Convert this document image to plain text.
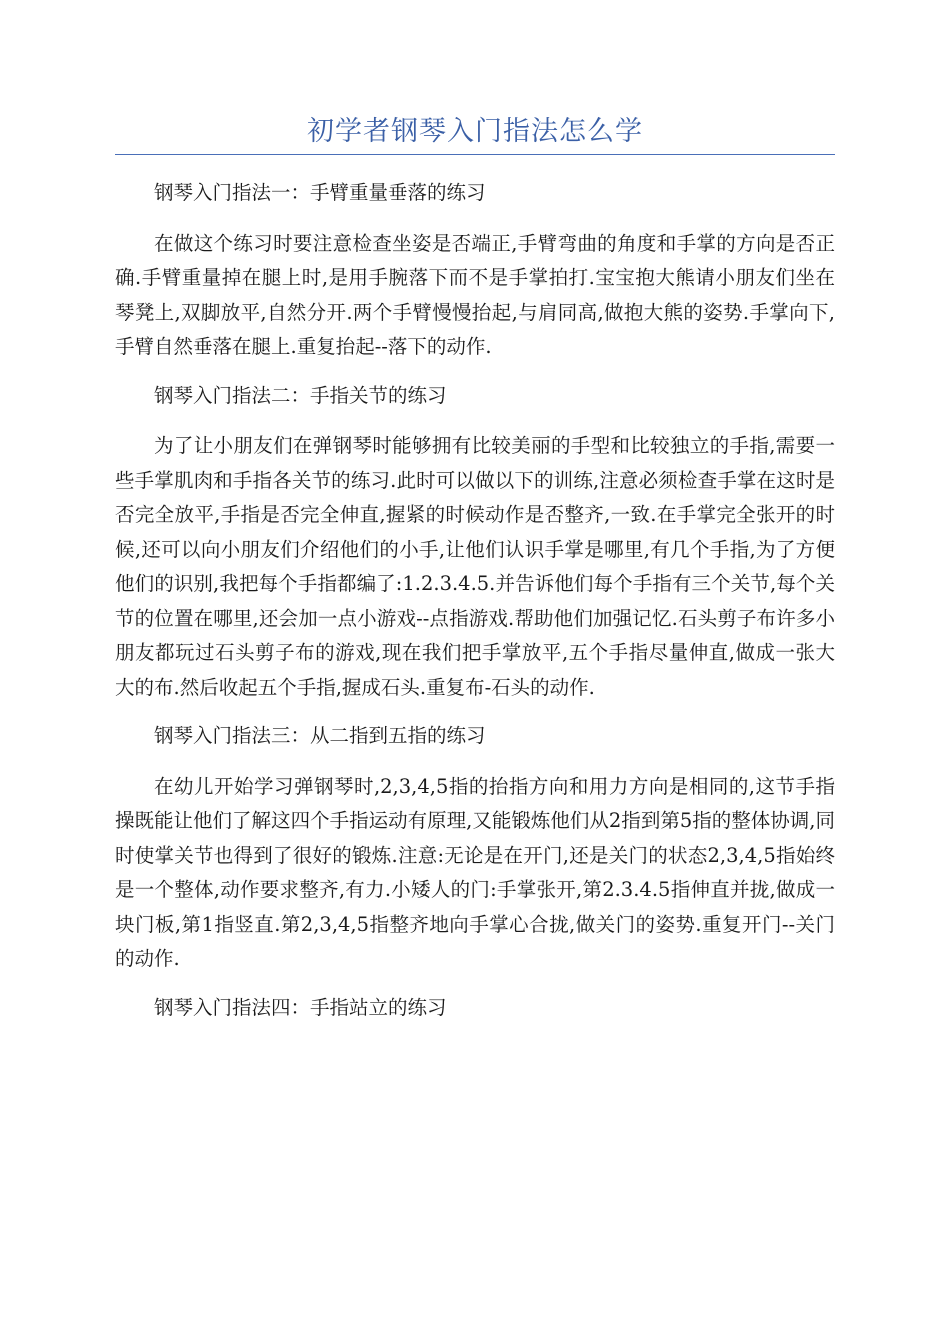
初学者钢琴入门指法怎么学

钢琴入门指法一：手臂重量垂落的练习

在做这个练习时要注意检查坐姿是否端正,手臂弯曲的角度和手掌的方向是否正确.手臂重量掉在腿上时,是用手腕落下而不是手掌拍打.宝宝抱大熊请小朋友们坐在琴凳上,双脚放平,自然分开.两个手臂慢慢抬起,与肩同高,做抱大熊的姿势.手掌向下,手臂自然垂落在腿上.重复抬起--落下的动作.

钢琴入门指法二：手指关节的练习

为了让小朋友们在弹钢琴时能够拥有比较美丽的手型和比较独立的手指,需要一些手掌肌肉和手指各关节的练习.此时可以做以下的训练,注意必须检查手掌在这时是否完全放平,手指是否完全伸直,握紧的时候动作是否整齐,一致.在手掌完全张开的时候,还可以向小朋友们介绍他们的小手,让他们认识手掌是哪里,有几个手指,为了方便他们的识别,我把每个手指都编了:1.2.3.4.5.并告诉他们每个手指有三个关节,每个关节的位置在哪里,还会加一点小游戏--点指游戏.帮助他们加强记忆.石头剪子布许多小朋友都玩过石头剪子布的游戏,现在我们把手掌放平,五个手指尽量伸直,做成一张大大的布.然后收起五个手指,握成石头.重复布-石头的动作.

钢琴入门指法三：从二指到五指的练习

在幼儿开始学习弹钢琴时,2,3,4,5指的抬指方向和用力方向是相同的,这节手指操既能让他们了解这四个手指运动有原理,又能锻炼他们从2指到第5指的整体协调,同时使掌关节也得到了很好的锻炼.注意:无论是在开门,还是关门的状态2,3,4,5指始终是一个整体,动作要求整齐,有力.小矮人的门:手掌张开,第2.3.4.5指伸直并拢,做成一块门板,第1指竖直.第2,3,4,5指整齐地向手掌心合拢,做关门的姿势.重复开门--关门的动作.

钢琴入门指法四：手指站立的练习
